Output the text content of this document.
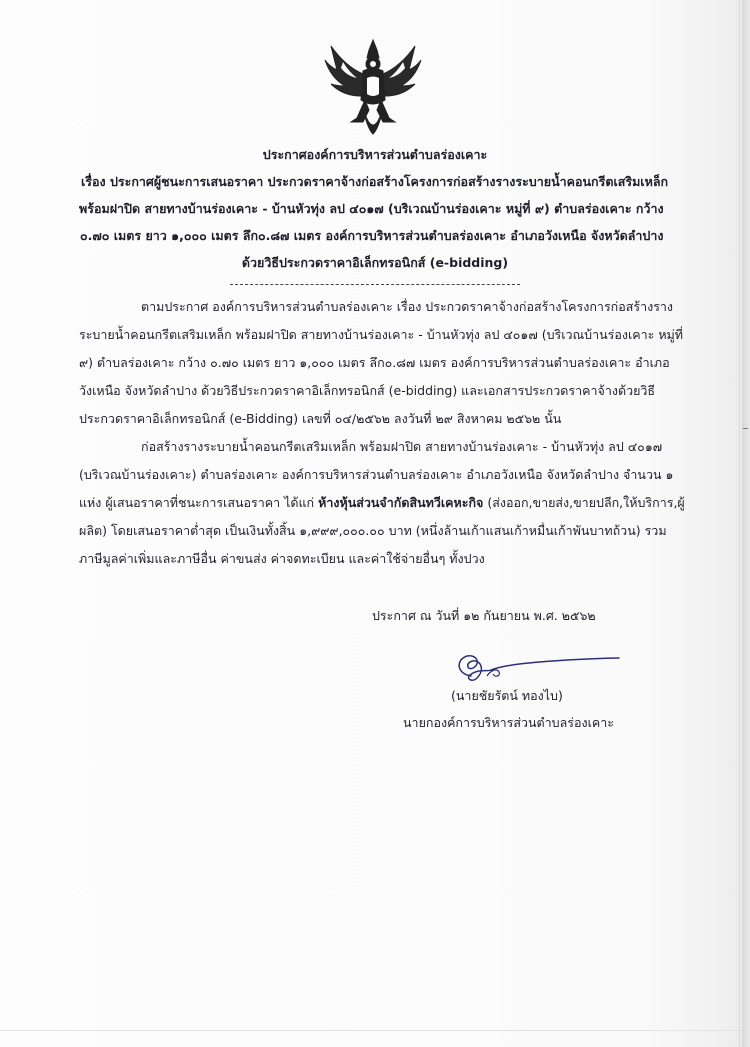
ประกาศองค์การบริหารส่วนตำบลร่องเคาะ
เรื่อง ประกาศผู้ชนะการเสนอราคา ประกวดราคาจ้างก่อสร้างโครงการก่อสร้างรางระบายน้ำคอนกรีตเสริมเหล็ก
พร้อมฝาปิด สายทางบ้านร่องเคาะ - บ้านหัวทุ่ง ลป ๔๐๑๗ (บริเวณบ้านร่องเคาะ หมู่ที่ ๙) ตำบลร่องเคาะ กว้าง
๐.๗๐ เมตร ยาว ๑,๐๐๐ เมตร ลึก๐.๘๗ เมตร องค์การบริหารส่วนตำบลร่องเคาะ อำเภอวังเหนือ จังหวัดลำปาง
ด้วยวิธีประกวดราคาอิเล็กทรอนิกส์ (e-bidding)
ตามประกาศ องค์การบริหารส่วนตำบลร่องเคาะ เรื่อง ประกวดราคาจ้างก่อสร้างโครงการก่อสร้างราง
ระบายน้ำคอนกรีตเสริมเหล็ก พร้อมฝาปิด สายทางบ้านร่องเคาะ - บ้านหัวทุ่ง ลป ๔๐๑๗ (บริเวณบ้านร่องเคาะ หมู่ที่
๙) ตำบลร่องเคาะ กว้าง ๐.๗๐ เมตร ยาว ๑,๐๐๐ เมตร ลึก๐.๘๗ เมตร องค์การบริหารส่วนตำบลร่องเคาะ อำเภอ
วังเหนือ จังหวัดลำปาง ด้วยวิธีประกวดราคาอิเล็กทรอนิกส์ (e-bidding) และเอกสารประกวดราคาจ้างด้วยวิธี
ประกวดราคาอิเล็กทรอนิกส์ (e-Bidding) เลขที่ ๐๔/๒๕๖๒ ลงวันที่ ๒๙ สิงหาคม ๒๕๖๒ นั้น
ก่อสร้างรางระบายน้ำคอนกรีตเสริมเหล็ก พร้อมฝาปิด สายทางบ้านร่องเคาะ - บ้านหัวทุ่ง ลป ๔๐๑๗
(บริเวณบ้านร่องเคาะ) ตำบลร่องเคาะ องค์การบริหารส่วนตำบลร่องเคาะ อำเภอวังเหนือ จังหวัดลำปาง จำนวน ๑
แห่ง ผู้เสนอราคาที่ชนะการเสนอราคา ได้แก่ ห้างหุ้นส่วนจำกัดสินทวีเคหะกิจ (ส่งออก,ขายส่ง,ขายปลีก,ให้บริการ,ผู้
ผลิต) โดยเสนอราคาต่ำสุด เป็นเงินทั้งสิ้น ๑,๙๙๙,๐๐๐.๐๐ บาท (หนึ่งล้านเก้าแสนเก้าหมื่นเก้าพันบาทถ้วน) รวม
ภาษีมูลค่าเพิ่มและภาษีอื่น ค่าขนส่ง ค่าจดทะเบียน และค่าใช้จ่ายอื่นๆ ทั้งปวง
ประกาศ ณ วันที่ ๑๒ กันยายน พ.ศ. ๒๕๖๒
(นายชัยรัตน์ ทองไบ)
นายกองค์การบริหารส่วนตำบลร่องเคาะ
